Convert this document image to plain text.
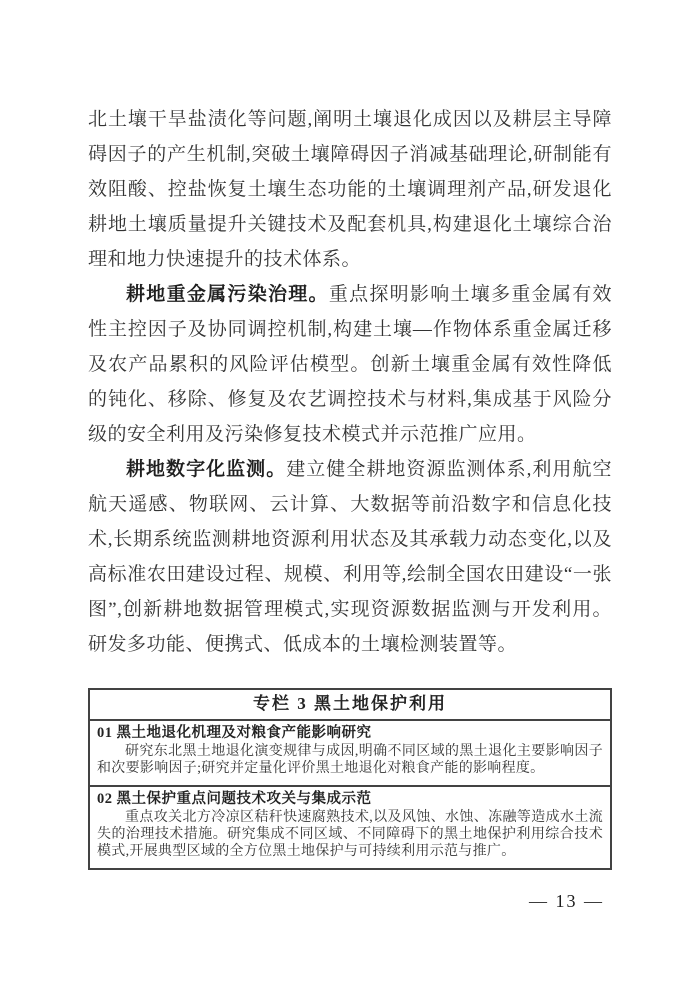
北土壤干旱盐渍化等问题,阐明土壤退化成因以及耕层主导障碍因子的产生机制,突破土壤障碍因子消减基础理论,研制能有效阻酸、控盐恢复土壤生态功能的土壤调理剂产品,研发退化耕地土壤质量提升关键技术及配套机具,构建退化土壤综合治理和地力快速提升的技术体系。

耕地重金属污染治理。重点探明影响土壤多重金属有效性主控因子及协同调控机制,构建土壤—作物体系重金属迁移及农产品累积的风险评估模型。创新土壤重金属有效性降低的钝化、移除、修复及农艺调控技术与材料,集成基于风险分级的安全利用及污染修复技术模式并示范推广应用。

耕地数字化监测。建立健全耕地资源监测体系,利用航空航天遥感、物联网、云计算、大数据等前沿数字和信息化技术,长期系统监测耕地资源利用状态及其承载力动态变化,以及高标准农田建设过程、规模、利用等,绘制全国农田建设“一张图”,创新耕地数据管理模式,实现资源数据监测与开发利用。研发多功能、便携式、低成本的土壤检测装置等。

专栏 3 黑土地保护利用

01 黑土地退化机理及对粮食产能影响研究

研究东北黑土地退化演变规律与成因,明确不同区域的黑土退化主要影响因子和次要影响因子;研究并定量化评价黑土地退化对粮食产能的影响程度。

02 黑土保护重点问题技术攻关与集成示范

重点攻关北方冷凉区秸秆快速腐熟技术,以及风蚀、水蚀、冻融等造成水土流失的治理技术措施。研究集成不同区域、不同障碍下的黑土地保护利用综合技术模式,开展典型区域的全方位黑土地保护与可持续利用示范与推广。

— 13 —
